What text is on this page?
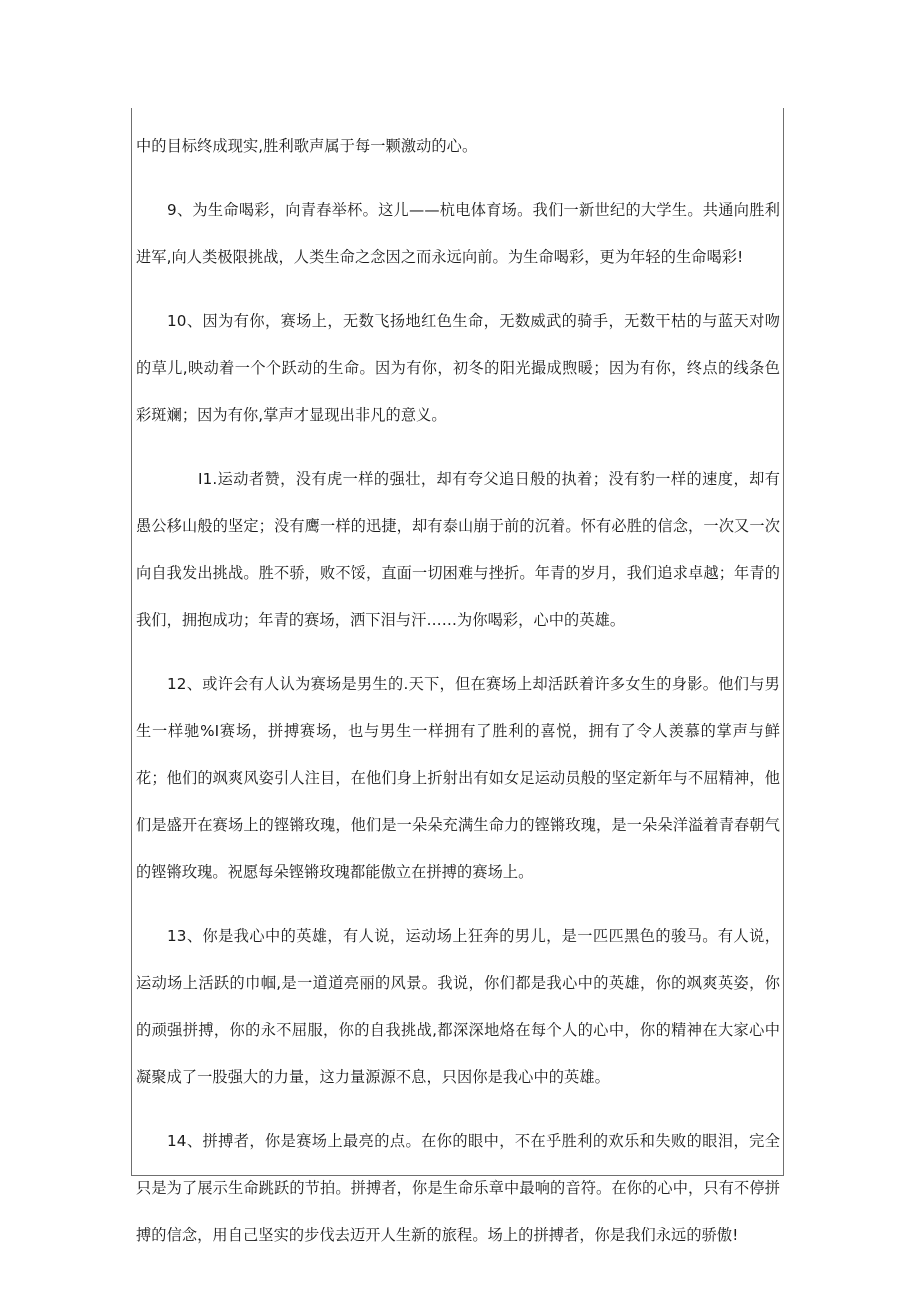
中的目标终成现实,胜利歌声属于每一颗激动的心。

9、为生命喝彩，向青春举杯。这儿——杭电体育场。我们一新世纪的大学生。共通向胜利进军,向人类极限挑战，人类生命之念因之而永远向前。为生命喝彩，更为年轻的生命喝彩!

10、因为有你，赛场上，无数飞扬地红色生命，无数威武的骑手，无数干枯的与蓝天对吻的草儿,映动着一个个跃动的生命。因为有你，初冬的阳光撮成煦暖；因为有你，终点的线条色彩斑斓；因为有你,掌声才显现出非凡的意义。

I1.运动者赞，没有虎一样的强壮，却有夸父追日般的执着；没有豹一样的速度，却有愚公移山般的坚定；没有鹰一样的迅捷，却有泰山崩于前的沉着。怀有必胜的信念，一次又一次向自我发出挑战。胜不骄，败不馁，直面一切困难与挫折。年青的岁月，我们追求卓越；年青的我们，拥抱成功；年青的赛场，洒下泪与汗……为你喝彩，心中的英雄。

12、或许会有人认为赛场是男生的.天下，但在赛场上却活跃着许多女生的身影。他们与男生一样驰%I赛场，拼搏赛场，也与男生一样拥有了胜利的喜悦，拥有了令人羡慕的掌声与鲜花；他们的飒爽风姿引人注目，在他们身上折射出有如女足运动员般的坚定新年与不屈精神，他们是盛开在赛场上的铿锵玫瑰，他们是一朵朵充满生命力的铿锵玫瑰，是一朵朵洋溢着青春朝气的铿锵玫瑰。祝愿每朵铿锵玫瑰都能傲立在拼搏的赛场上。

13、你是我心中的英雄，有人说，运动场上狂奔的男儿，是一匹匹黑色的骏马。有人说，运动场上活跃的巾帼,是一道道亮丽的风景。我说，你们都是我心中的英雄，你的飒爽英姿，你的顽强拼搏，你的永不屈服，你的自我挑战,都深深地烙在每个人的心中，你的精神在大家心中凝聚成了一股强大的力量，这力量源源不息，只因你是我心中的英雄。

14、拼搏者，你是赛场上最亮的点。在你的眼中，不在乎胜利的欢乐和失败的眼泪，完全只是为了展示生命跳跃的节拍。拼搏者，你是生命乐章中最响的音符。在你的心中，只有不停拼搏的信念，用自己坚实的步伐去迈开人生新的旅程。场上的拼搏者，你是我们永远的骄傲!
